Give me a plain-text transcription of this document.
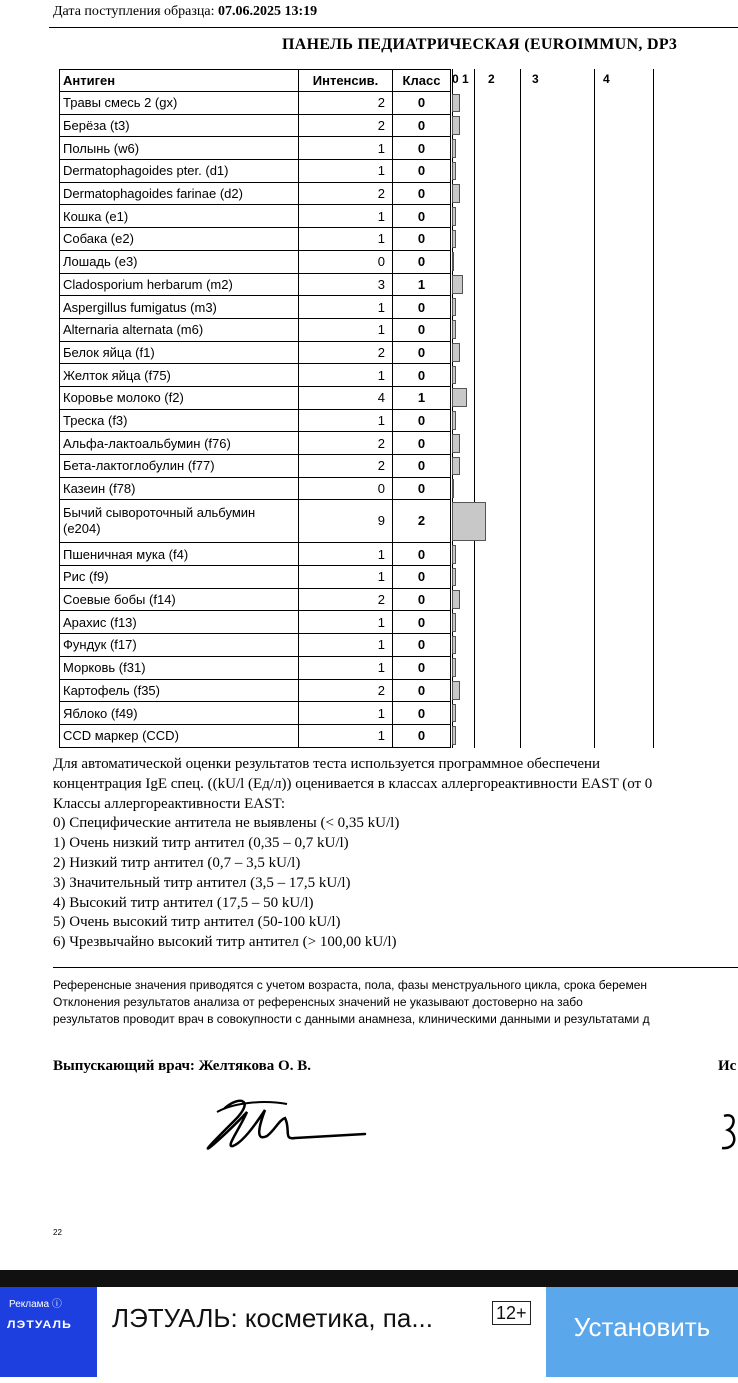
Дата поступления образца: 07.06.2025 13:19
ПАНЕЛЬ ПЕДИАТРИЧЕСКАЯ (EUROIMMUN, DP3
Антиген	Интенсив.	Класс
Травы смесь 2 (gx)	2	0
Берёза (t3)	2	0
Полынь (w6)	1	0
Dermatophagoides pter. (d1)	1	0
Dermatophagoides farinae (d2)	2	0
Кошка (e1)	1	0
Собака (e2)	1	0
Лошадь (e3)	0	0
Cladosporium herbarum (m2)	3	1
Aspergillus fumigatus (m3)	1	0
Alternaria alternata (m6)	1	0
Белок яйца (f1)	2	0
Желток яйца (f75)	1	0
Коровье молоко (f2)	4	1
Треска (f3)	1	0
Альфа-лактоальбумин (f76)	2	0
Бета-лактоглобулин (f77)	2	0
Казеин (f78)	0	0
Бычий сывороточный альбумин (e204)	9	2
Пшеничная мука (f4)	1	0
Рис (f9)	1	0
Соевые бобы (f14)	2	0
Арахис (f13)	1	0
Фундук (f17)	1	0
Морковь (f31)	1	0
Картофель (f35)	2	0
Яблоко (f49)	1	0
CCD маркер (CCD)	1	0
0 1 2	3	4
Для автоматической оценки результатов теста используется программное обеспечени
концентрация IgE спец. ((kU/l (Ед/л)) оценивается в классах аллергореактивности EAST (от 0
Классы аллергореактивности EAST:
0) Специфические антитела не выявлены (< 0,35 kU/l)
1) Очень низкий титр антител (0,35 – 0,7 kU/l)
2) Низкий титр антител (0,7 – 3,5 kU/l)
3) Значительный титр антител (3,5 – 17,5 kU/l)
4) Высокий титр антител (17,5 – 50 kU/l)
5) Очень высокий титр антител (50-100 kU/l)
6) Чрезвычайно высокий титр антител (> 100,00 kU/l)
Референсные значения приводятся с учетом возраста, пола, фазы менструального цикла, срока беремен
Отклонения результатов анализа от референсных значений не указывают достоверно на забо
результатов проводит врач в совокупности с данными анамнеза, клиническими данными и результатами д
Выпускающий врач: Желтякова О. В.	Ис
22
Реклама ⓘ
ЛЭТУАЛЬ ЛЭТУАЛЬ: косметика, па...	12+	Установить
